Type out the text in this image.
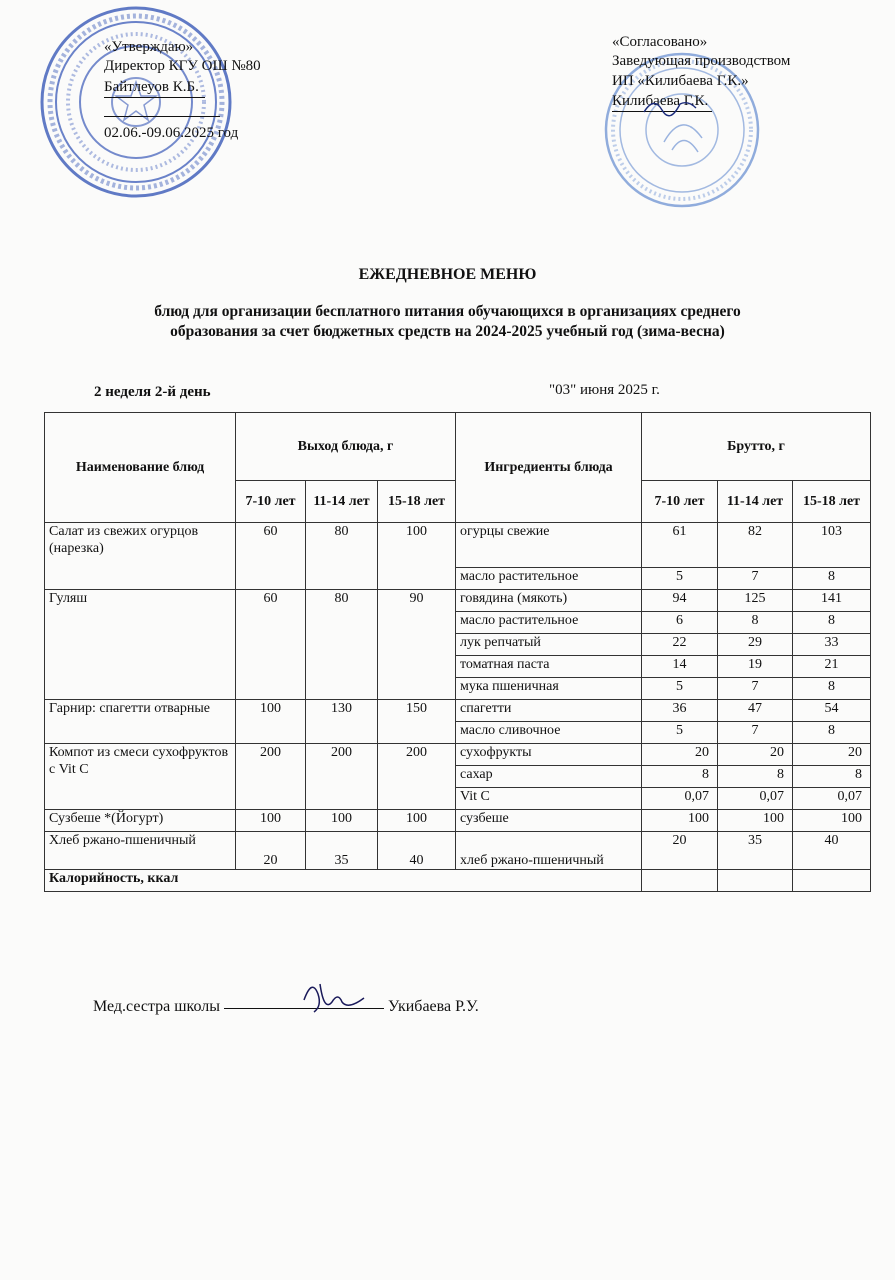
«Утверждаю»
Директор КГУ ОШ №80
Байтлеуов К.Б.
02.06.-09.06.2025 год
«Согласовано»
Заведующая производством
ИП «Килибаева Г.К.»
Килибаева Г.К.
ЕЖЕДНЕВНОЕ МЕНЮ
блюд для организации бесплатного питания обучающихся в организациях среднего
образования за счет бюджетных средств на 2024-2025 учебный год (зима-весна)
2 неделя 2-й день	"03" июня 2025 г.
Наименование блюд	Выход блюда, г			Ингредиенты блюда	Брутто, г		
	7-10 лет	11-14 лет	15-18 лет		7-10 лет	11-14 лет	15-18 лет
Салат из свежих огурцов (нарезка)	60	80	100	огурцы свежие	61	82	103
				масло растительное	5	7	8
Гуляш	60	80	90	говядина (мякоть)	94	125	141
				масло растительное	6	8	8
				лук репчатый	22	29	33
				томатная паста	14	19	21
				мука пшеничная	5	7	8
Гарнир: спагетти отварные	100	130	150	спагетти	36	47	54
				масло сливочное	5	7	8
Компот из смеси сухофруктов с Vit C	200	200	200	сухофрукты	20	20	20
				сахар	8	8	8
				Vit C	0,07	0,07	0,07
Сузбеше *(Йогурт)	100	100	100	сузбеше	100	100	100
Хлеб ржано-пшеничный	20	35	40	хлеб ржано-пшеничный	20	35	40
Калорийность, ккал							
Мед.сестра школы	Укибаева Р.У.
